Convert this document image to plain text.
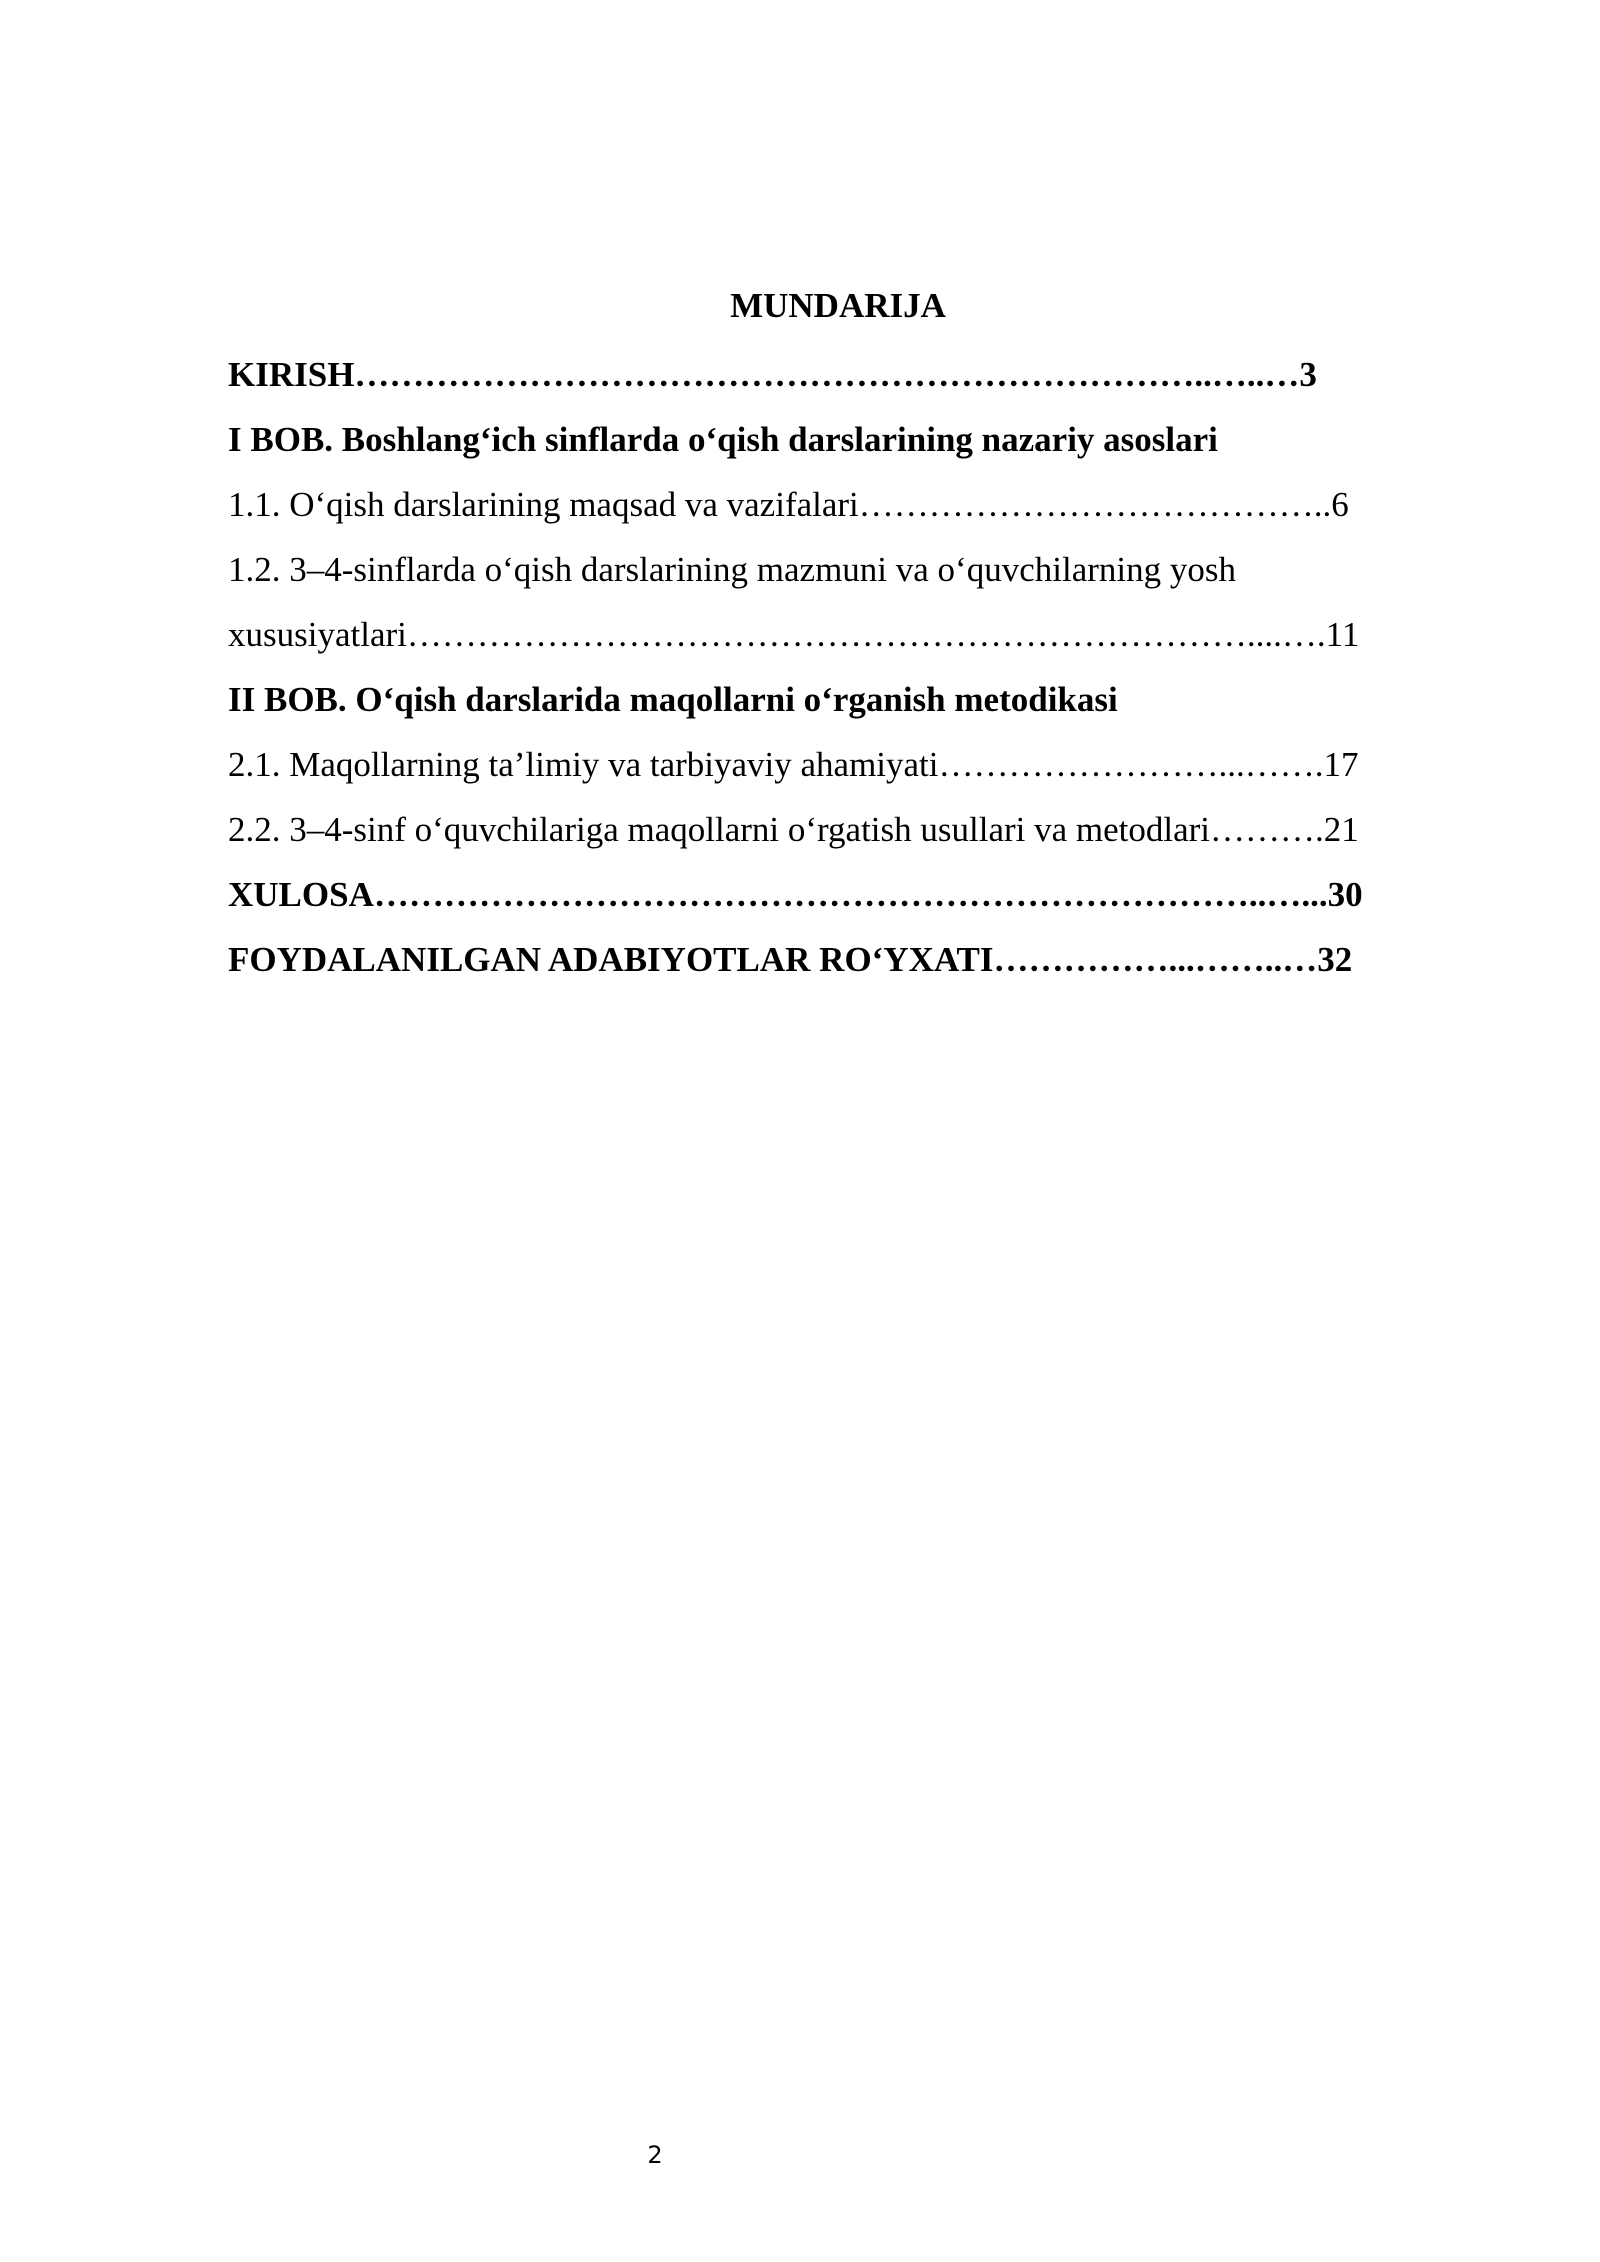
MUNDARIJA
KIRISH………………………………………………………………..…..…3
I BOB. Boshlang‘ich sinflarda o‘qish darslarining nazariy asoslari
1.1. O‘qish darslarining maqsad va vazifalari…………………………………..6
1.2. 3–4-sinflarda o‘qish darslarining mazmuni va o‘quvchilarning yosh
xususiyatlari………………………………………………………………....….11
II BOB. O‘qish darslarida maqollarni o‘rganish metodikasi
2.1. Maqollarning ta’limiy va tarbiyaviy ahamiyati……………………...…….17
2.2. 3–4-sinf o‘quvchilariga maqollarni o‘rgatish usullari va metodlari……….21
XULOSA…………………………………………………………………..…...30
FOYDALANILGAN ADABIYOTLAR RO‘YXATI……………...……..…32
2
